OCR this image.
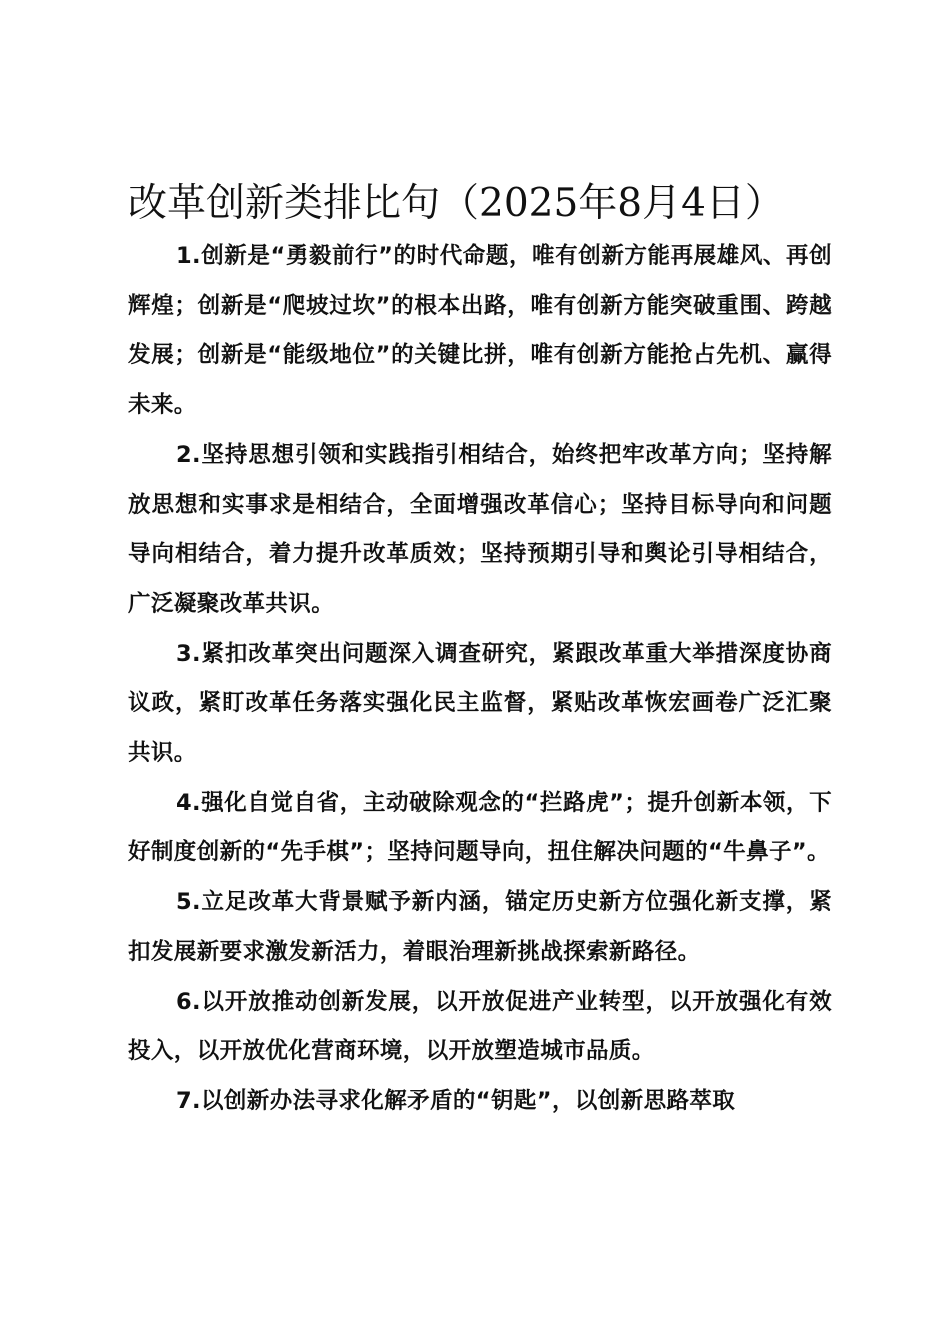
改革创新类排比句（2025年8月4日）

1.创新是“勇毅前行”的时代命题，唯有创新方能再展雄风、再创辉煌；创新是“爬坡过坎”的根本出路，唯有创新方能突破重围、跨越发展；创新是“能级地位”的关键比拼，唯有创新方能抢占先机、赢得未来。

2.坚持思想引领和实践指引相结合，始终把牢改革方向；坚持解放思想和实事求是相结合，全面增强改革信心；坚持目标导向和问题导向相结合，着力提升改革质效；坚持预期引导和舆论引导相结合，广泛凝聚改革共识。

3.紧扣改革突出问题深入调查研究，紧跟改革重大举措深度协商议政，紧盯改革任务落实强化民主监督，紧贴改革恢宏画卷广泛汇聚共识。

4.强化自觉自省，主动破除观念的“拦路虎”；提升创新本领，下好制度创新的“先手棋”；坚持问题导向，扭住解决问题的“牛鼻子”。

5.立足改革大背景赋予新内涵，锚定历史新方位强化新支撑，紧扣发展新要求激发新活力，着眼治理新挑战探索新路径。

6.以开放推动创新发展，以开放促进产业转型，以开放强化有效投入，以开放优化营商环境，以开放塑造城市品质。

7.以创新办法寻求化解矛盾的“钥匙”，以创新思路萃取
